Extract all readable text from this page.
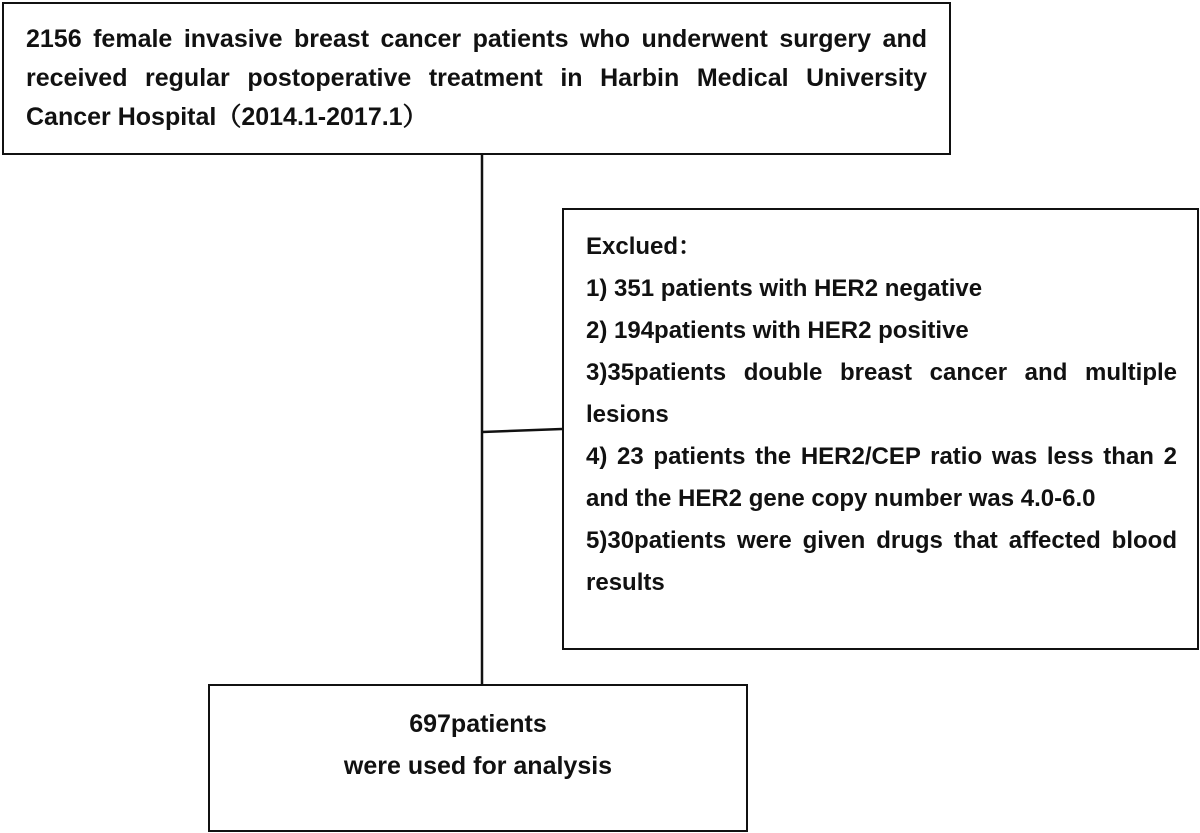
2156 female invasive breast cancer patients who underwent surgery and received regular postoperative treatment in Harbin Medical University Cancer Hospital（2014.1-2017.1）
Exclued：
1) 351 patients with HER2 negative
2) 194patients with HER2 positive
3)35patients double breast cancer and multiple lesions
4) 23 patients the HER2/CEP ratio was less than 2 and the HER2 gene copy number was 4.0-6.0
5)30patients were given drugs that affected blood results
697patients
were used for analysis
